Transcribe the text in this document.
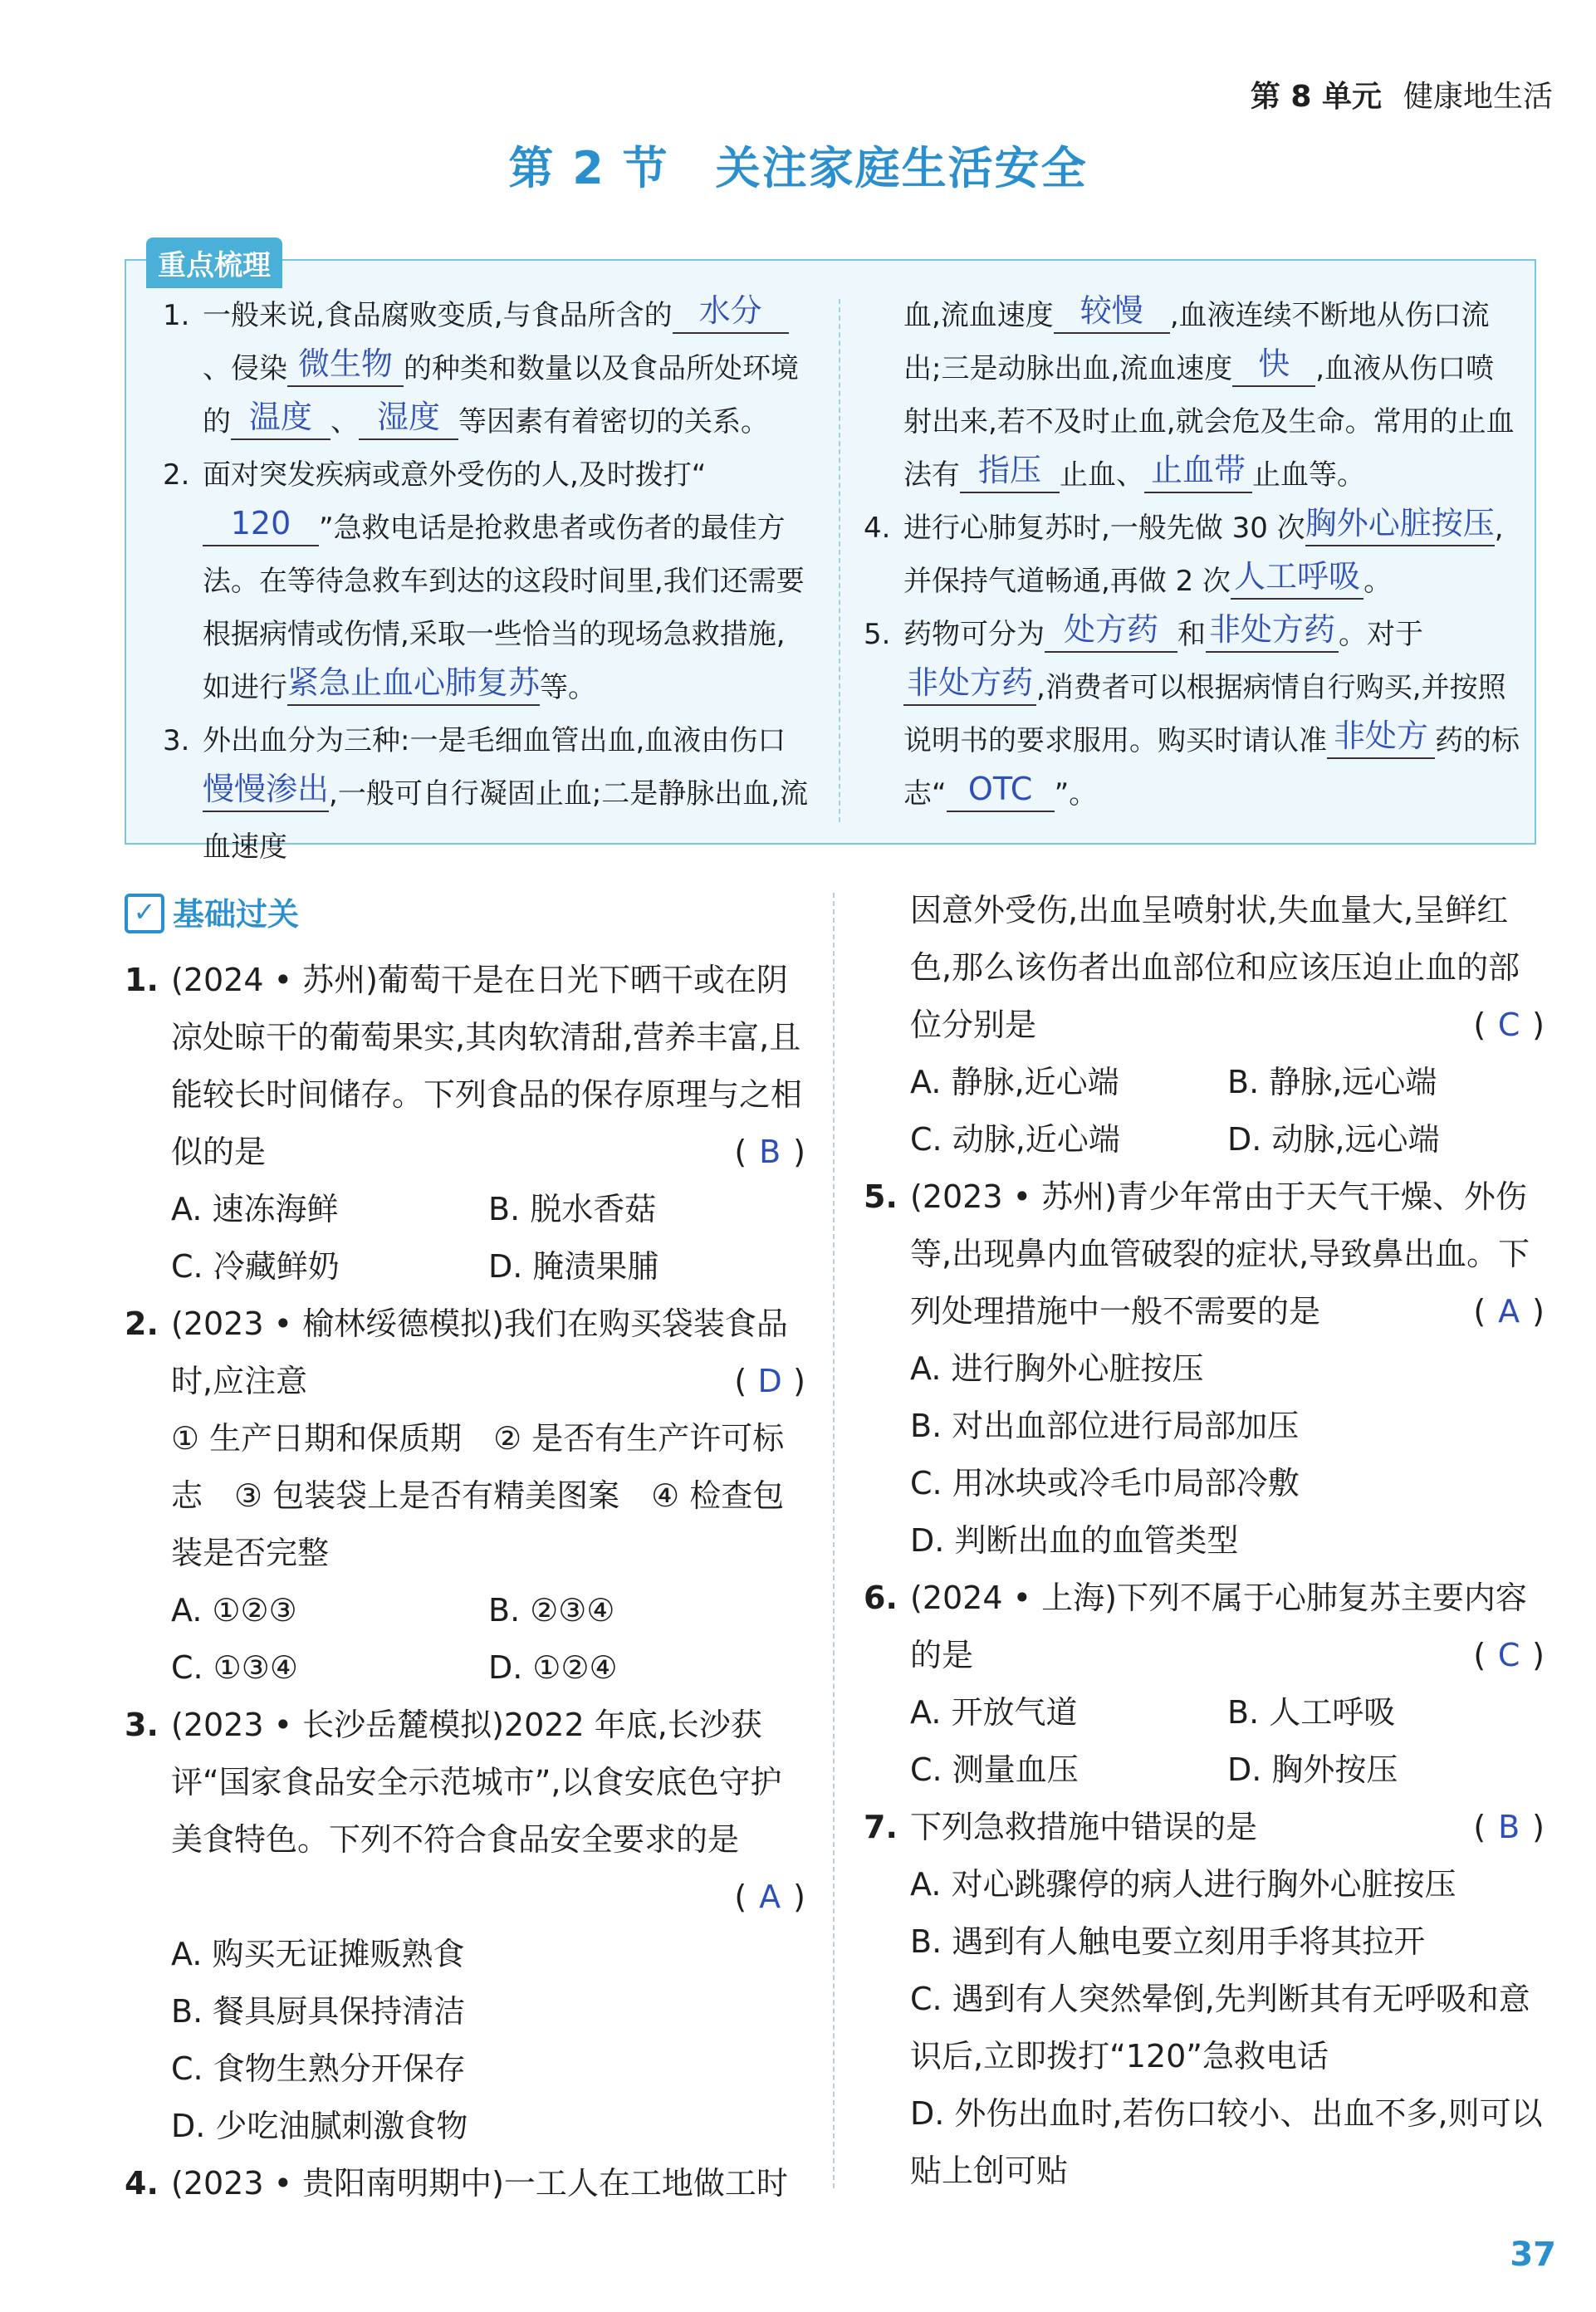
第 8 单元 健康地生活
第 2 节 关注家庭生活安全
重点梳理
1. 一般来说,食品腐败变质,与食品所含的 水分、侵染 微生物 的种类和数量以及食品所处环境的 温度 、 湿度 等因素有着密切的关系。
2. 面对突发疾病或意外受伤的人,及时拨打“120 ”急救电话是抢救患者或伤者的最佳方法。在等待急救车到达的这段时间里,我们还需要根据病情或伤情,采取一些恰当的现场急救措施,如进行紧急止血心肺复苏等。
3. 外出血分为三种:一是毛细血管出血,血液由伤口慢慢渗出,一般可自行凝固止血;二是静脉出血,流血速度
血,流血速度 较慢 ,血液连续不断地从伤口流出;三是动脉出血,流血速度 快 ,血液从伤口喷射出来,若不及时止血,就会危及生命。常用的止血法有 指压 止血、 止血带 止血等。
4. 进行心肺复苏时,一般先做 30 次胸外心脏按压,并保持气道畅通,再做 2 次 人工呼吸 。
5. 药物可分为 处方药 和 非处方药 。对于非处方药 ,消费者可以根据病情自行购买,并按照说明书的要求服用。购买时请认准 非处方 药的标志“ OTC ”。
✓ 基础过关
1. (2024 • 苏州)葡萄干是在日光下晒干或在阴凉处晾干的葡萄果实,其肉软清甜,营养丰富,且能较长时间储存。下列食品的保存原理与之相似的是	( B )
A. 速冻海鲜	B. 脱水香菇
C. 冷藏鲜奶	D. 腌渍果脯
2. (2023 • 榆林绥德模拟)我们在购买袋装食品时,应注意	( D )
① 生产日期和保质期　② 是否有生产许可标志　③ 包装袋上是否有精美图案　④ 检查包装是否完整
A. ①②③	B. ②③④
C. ①③④	D. ①②④
3. (2023 • 长沙岳麓模拟)2022 年底,长沙获评“国家食品安全示范城市”,以食安底色守护美食特色。下列不符合食品安全要求的是
( A )
A. 购买无证摊贩熟食
B. 餐具厨具保持清洁
C. 食物生熟分开保存
D. 少吃油腻刺激食物
4. (2023 • 贵阳南明期中)一工人在工地做工时
因意外受伤,出血呈喷射状,失血量大,呈鲜红色,那么该伤者出血部位和应该压迫止血的部位分别是	( C )
A. 静脉,近心端	B. 静脉,远心端
C. 动脉,近心端	D. 动脉,远心端
5. (2023 • 苏州)青少年常由于天气干燥、外伤等,出现鼻内血管破裂的症状,导致鼻出血。下列处理措施中一般不需要的是	( A )
A. 进行胸外心脏按压
B. 对出血部位进行局部加压
C. 用冰块或冷毛巾局部冷敷
D. 判断出血的血管类型
6. (2024 • 上海)下列不属于心肺复苏主要内容的是	( C )
A. 开放气道	B. 人工呼吸
C. 测量血压	D. 胸外按压
7. 下列急救措施中错误的是	( B )
A. 对心跳骤停的病人进行胸外心脏按压
B. 遇到有人触电要立刻用手将其拉开
C. 遇到有人突然晕倒,先判断其有无呼吸和意识后,立即拨打“120”急救电话
D. 外伤出血时,若伤口较小、出血不多,则可以贴上创可贴
37
